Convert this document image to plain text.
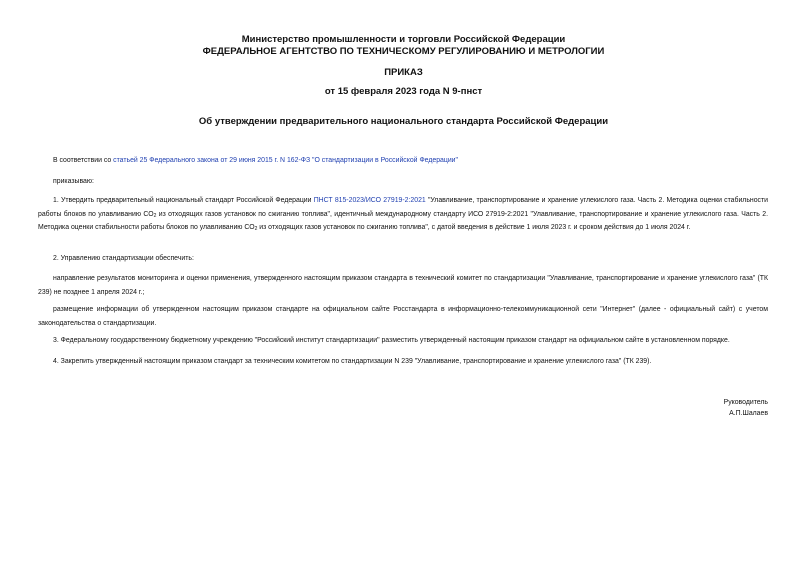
Министерство промышленности и торговли Российской Федерации
ФЕДЕРАЛЬНОЕ АГЕНТСТВО ПО ТЕХНИЧЕСКОМУ РЕГУЛИРОВАНИЮ И МЕТРОЛОГИИ
ПРИКАЗ
от 15 февраля 2023 года N 9-пнст
Об утверждении предварительного национального стандарта Российской Федерации
В соответствии со статьей 25 Федерального закона от 29 июня 2015 г. N 162-ФЗ "О стандартизации в Российской Федерации"
приказываю:
1. Утвердить предварительный национальный стандарт Российской Федерации ПНСТ 815-2023/ИСО 27919-2:2021 "Улавливание, транспортирование и хранение углекислого газа. Часть 2. Методика оценки стабильности работы блоков по улавливанию $СО_2$ из отходящих газов установок по сжиганию топлива", идентичный международному стандарту ИСО 27919-2:2021 "Улавливание, транспортирование и хранение углекислого газа. Часть 2. Методика оценки стабильности работы блоков по улавливанию $СО_2$ из отходящих газов установок по сжиганию топлива", с датой введения в действие 1 июля 2023 г. и сроком действия до 1 июля 2024 г.
2. Управлению стандартизации обеспечить:
направление результатов мониторинга и оценки применения, утвержденного настоящим приказом стандарта в технический комитет по стандартизации "Улавливание, транспортирование и хранение углекислого газа" (ТК 239) не позднее 1 апреля 2024 г.;
размещение информации об утвержденном настоящим приказом стандарте на официальном сайте Росстандарта в информационно-телекоммуникационной сети "Интернет" (далее - официальный сайт) с учетом законодательства о стандартизации.
3. Федеральному государственному бюджетному учреждению "Российский институт стандартизации" разместить утвержденный настоящим приказом стандарт на официальном сайте в установленном порядке.
4. Закрепить утвержденный настоящим приказом стандарт за техническим комитетом по стандартизации N 239 "Улавливание, транспортирование и хранение углекислого газа" (ТК 239).
Руководитель
А.П.Шалаев
